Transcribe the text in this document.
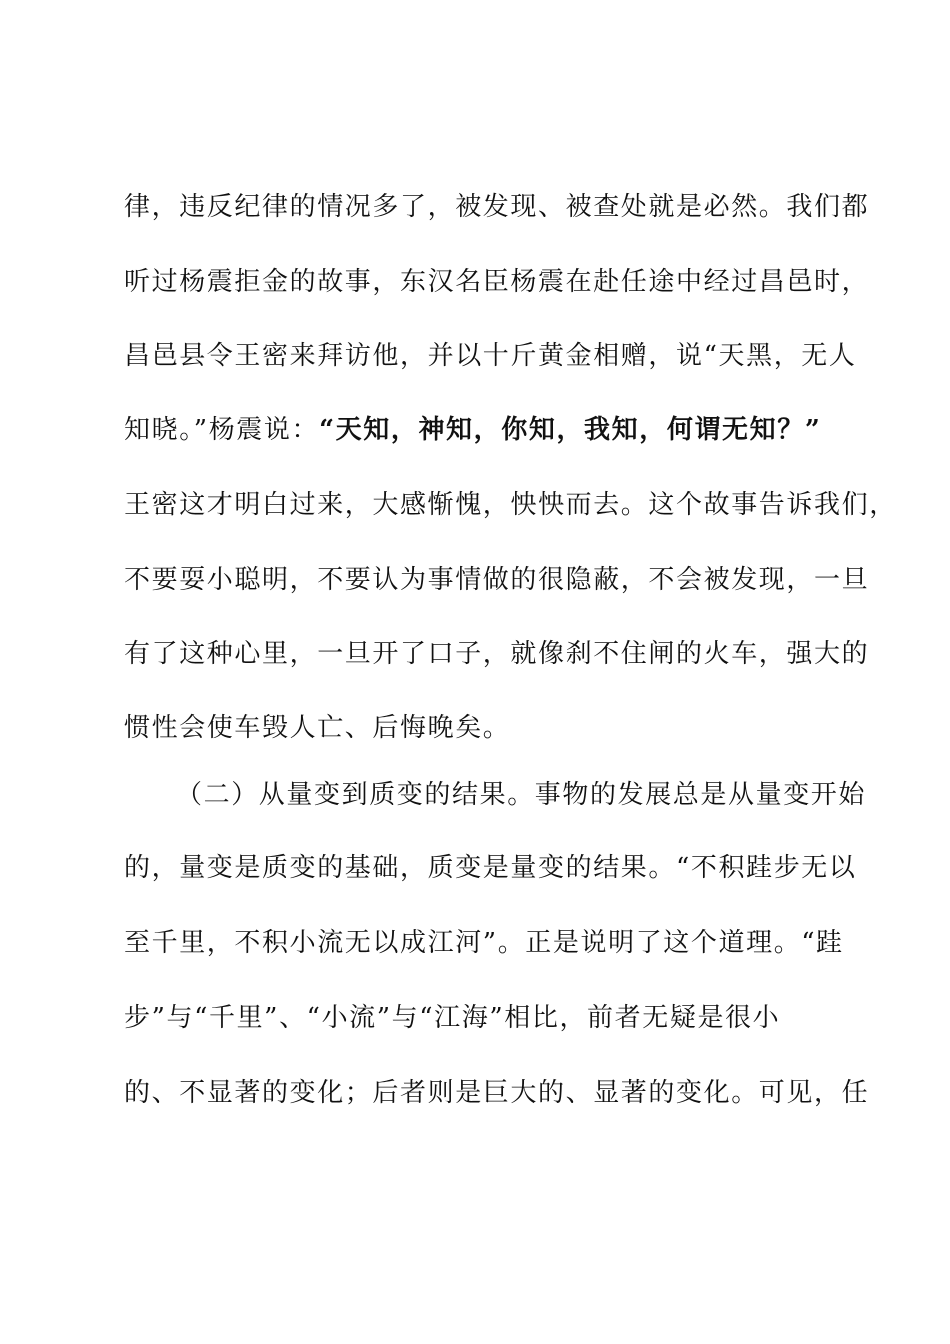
律，违反纪律的情况多了，被发现、被查处就是必然。我们都
听过杨震拒金的故事，东汉名臣杨震在赴任途中经过昌邑时，
昌邑县令王密来拜访他，并以十斤黄金相赠，说“天黑，无人
知晓。”杨震说：“天知，神知，你知，我知，何谓无知？”
王密这才明白过来，大感惭愧，怏怏而去。这个故事告诉我们，
不要耍小聪明，不要认为事情做的很隐蔽，不会被发现，一旦
有了这种心里，一旦开了口子，就像刹不住闸的火车，强大的
惯性会使车毁人亡、后悔晚矣。
（二）从量变到质变的结果。事物的发展总是从量变开始
的，量变是质变的基础，质变是量变的结果。“不积跬步无以
至千里，不积小流无以成江河”。正是说明了这个道理。“跬
步”与“千里”、“小流”与“江海”相比，前者无疑是很小
的、不显著的变化；后者则是巨大的、显著的变化。可见，任
